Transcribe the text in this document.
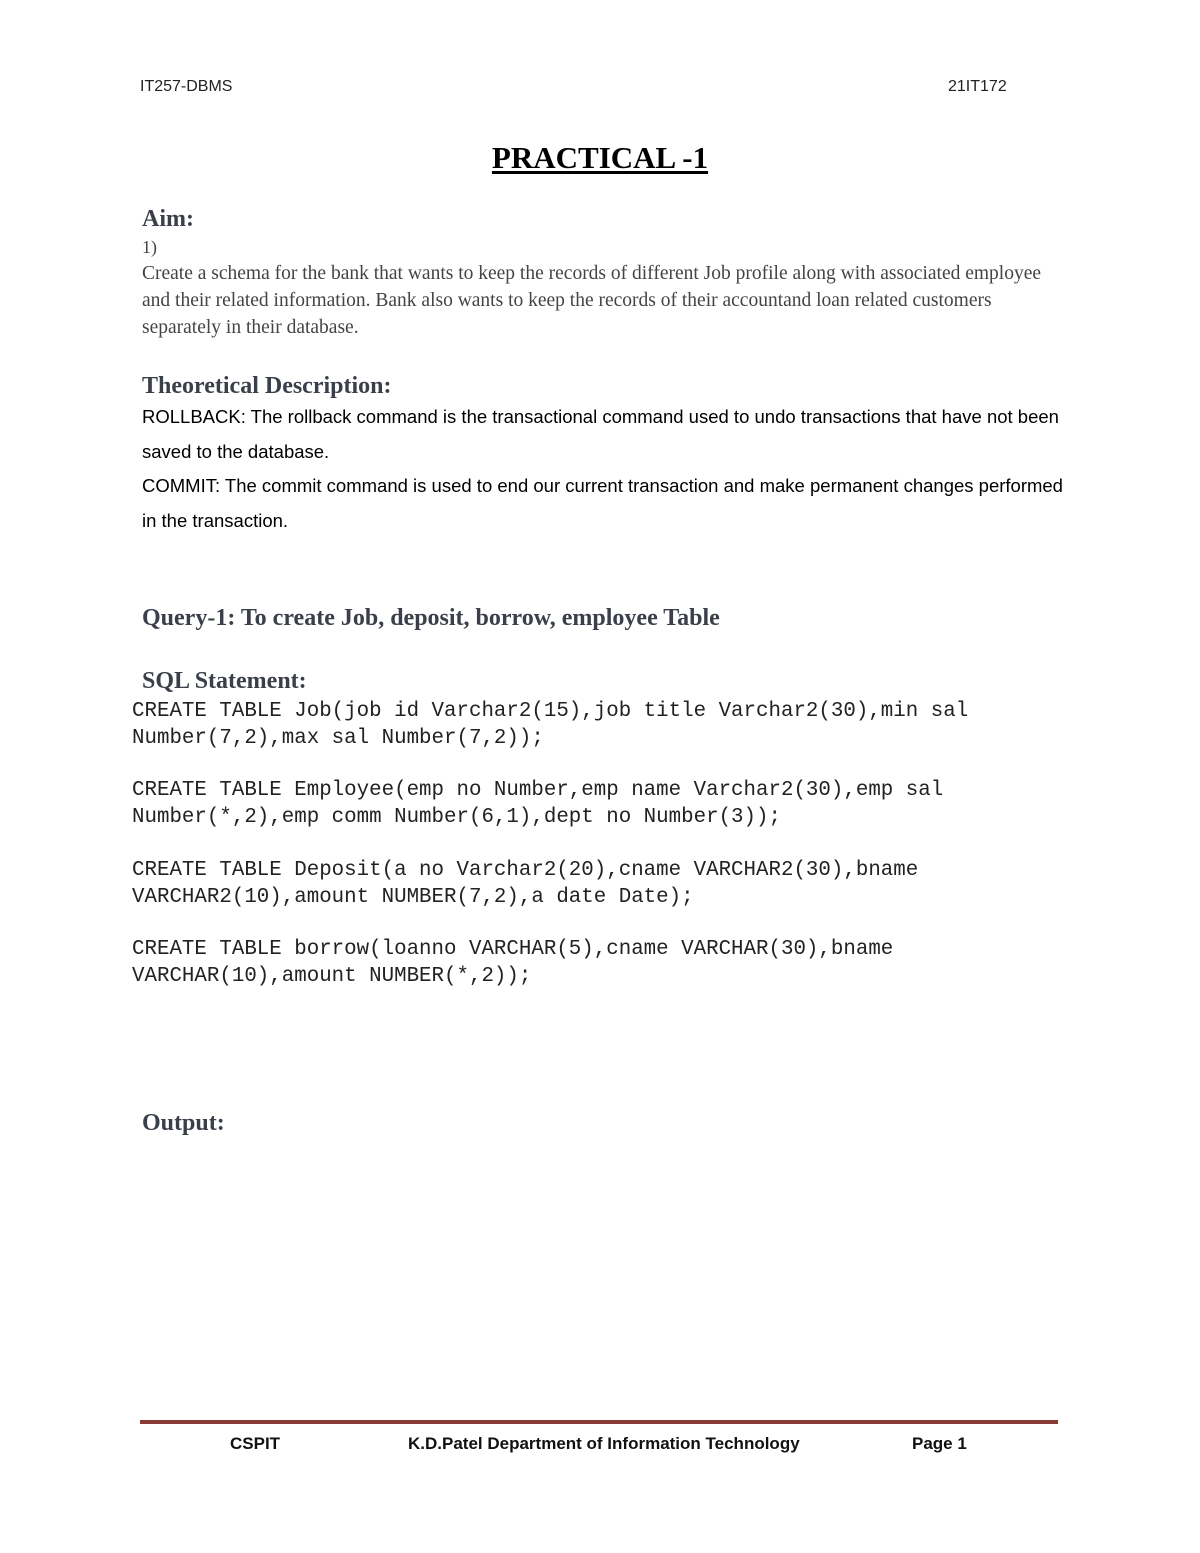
IT257-DBMS	21IT172
PRACTICAL -1
Aim:
1)
Create a schema for the bank that wants to keep the records of different Job profile along with associated employee and their related information. Bank also wants to keep the records of their accountand loan related customers separately in their database.
Theoretical Description:
ROLLBACK: The rollback command is the transactional command used to undo transactions that have not been saved to the database.
COMMIT: The commit command is used to end our current transaction and make permanent changes performed in the transaction.
Query-1: To create Job, deposit, borrow, employee Table
SQL Statement:
CREATE TABLE Job(job id Varchar2(15),job title Varchar2(30),min sal
Number(7,2),max sal Number(7,2));
CREATE TABLE Employee(emp no Number,emp name Varchar2(30),emp sal
Number(*,2),emp comm Number(6,1),dept no Number(3));
CREATE TABLE Deposit(a no Varchar2(20),cname VARCHAR2(30),bname
VARCHAR2(10),amount NUMBER(7,2),a date Date);
CREATE TABLE borrow(loanno VARCHAR(5),cname VARCHAR(30),bname
VARCHAR(10),amount NUMBER(*,2));
Output:
CSPIT	K.D.Patel Department of Information Technology	Page 1
